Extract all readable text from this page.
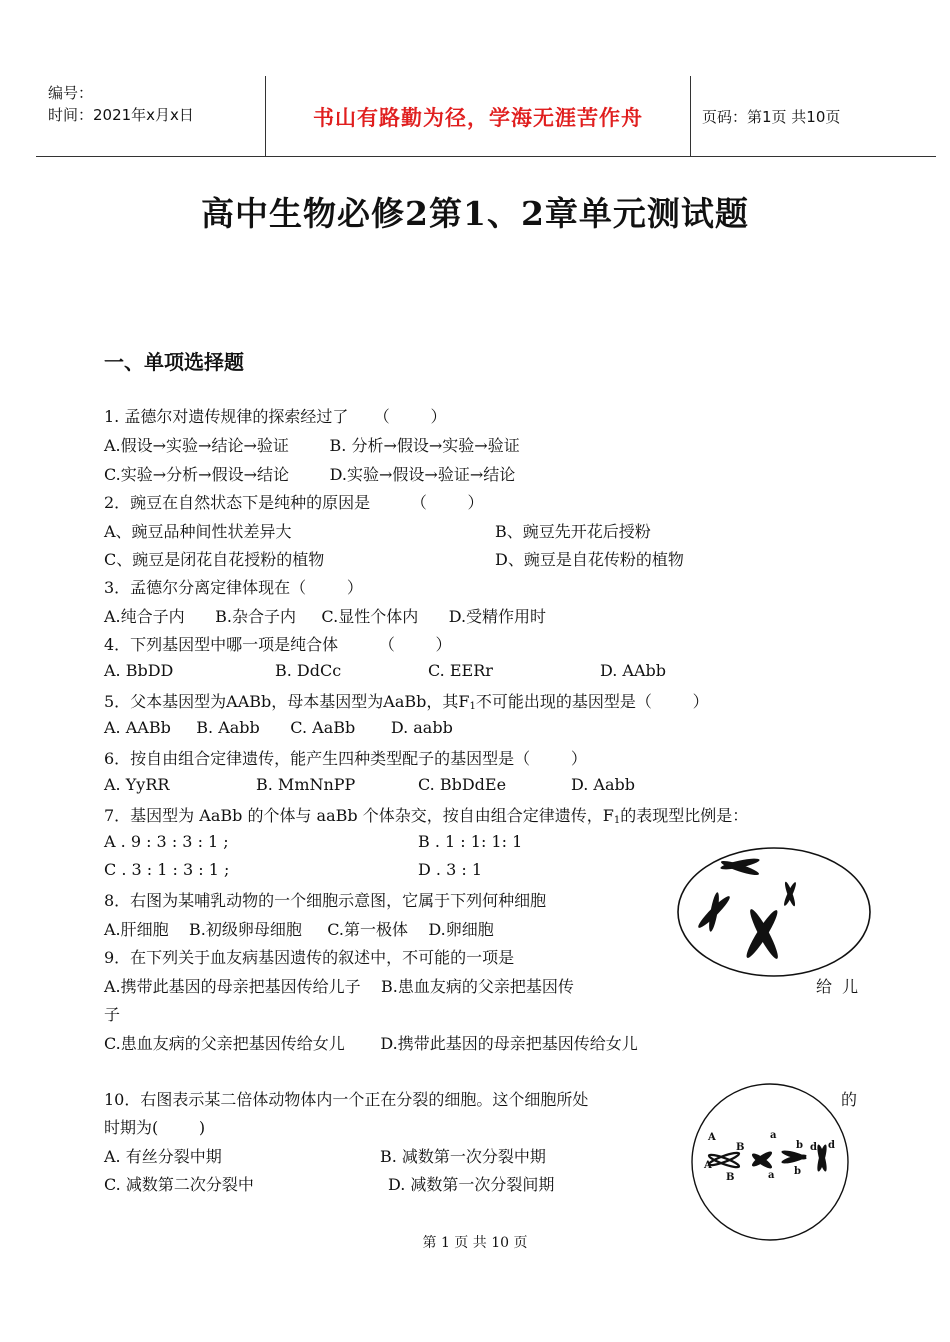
编号：
时间：2021年x月x日	书山有路勤为径，学海无涯苦作舟	页码：第1页 共10页
高中生物必修2第1、2章单元测试题
一、单项选择题
1. 孟德尔对遗传规律的探索经过了     （        ）
A.假设→实验→结论→验证        B. 分析→假设→实验→验证
C.实验→分析→假设→结论        D.实验→假设→验证→结论
2．豌豆在自然状态下是纯种的原因是        （        ）
A、豌豆品种间性状差异大	B、豌豆先开花后授粉
C、豌豆是闭花自花授粉的植物	D、豌豆是自花传粉的植物
3．孟德尔分离定律体现在（        ）
A.纯合子内      B.杂合子内     C.显性个体内      D.受精作用时
4．下列基因型中哪一项是纯合体        （        ）
A. BbDD	B. DdCc	C. EERr	D. AAbb
5．父本基因型为AABb，母本基因型为AaBb，其$F_1$不可能出现的基因型是（        ）
A. AABb     B. Aabb      C. AaBb       D. aabb
6．按自由组合定律遗传，能产生四种类型配子的基因型是（        ）
A. YyRR	B. MmNnPP	C. BbDdEe	D. Aabb
7．基因型为 AaBb 的个体与 aaBb 个体杂交，按自由组合定律遗传，$F_1$的表现型比例是：
A . 9 : 3 : 3 : 1 ;	B . 1 : 1: 1: 1
C . 3 : 1 : 3 : 1 ;	D . 3 : 1
8．右图为某哺乳动物的一个细胞示意图，它属于下列何种细胞
A.肝细胞    B.初级卵母细胞     C.第一极体    D.卵细胞
9．在下列关于血友病基因遗传的叙述中，不可能的一项是
A.携带此基因的母亲把基因传给儿子    B.患血友病的父亲把基因传	给  儿
子
C.患血友病的父亲把基因传给女儿       D.携带此基因的母亲把基因传给女儿
10．右图表示某二倍体动物体内一个正在分裂的细胞。这个细胞所处	的
时期为(        )
A. 有丝分裂中期	B. 减数第一次分裂中期
C. 减数第二次分裂中	D. 减数第一次分裂间期
A
A
B
B
a
a
b
b
d d
第 1 页 共 10 页
